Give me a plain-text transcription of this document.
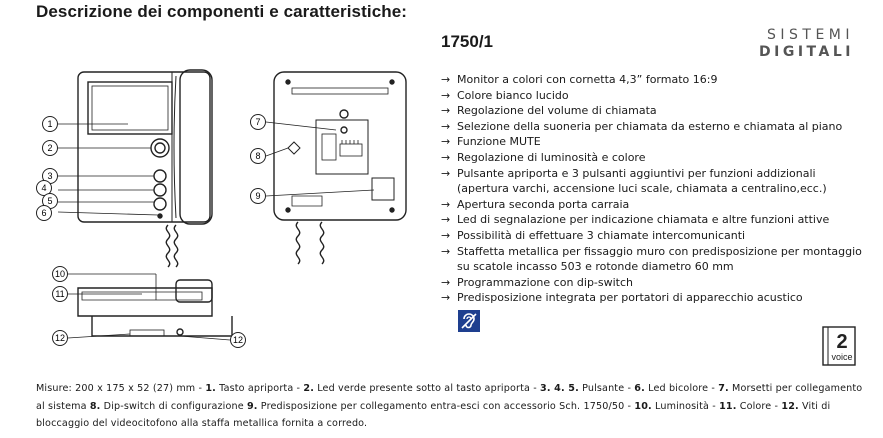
Descrizione dei componenti e caratteristiche:
1750/1	SISTEMI
DIGITALI
1
2
3
4
5
6
7
8
9
10
11
12	12
→ Monitor a colori con cornetta 4,3” formato 16:9
→ Colore bianco lucido
→ Regolazione del volume di chiamata
→ Selezione della suoneria per chiamata da esterno e chiamata al piano
→ Funzione MUTE
→ Regolazione di luminosità e colore
→ Pulsante apriporta e 3 pulsanti aggiuntivi per funzioni addizionali
(apertura varchi, accensione luci scale, chiamata a centralino,ecc.)
→ Apertura seconda porta carraia
→ Led di segnalazione per indicazione chiamata e altre funzioni attive
→ Possibilità di effettuare 3 chiamate intercomunicanti
→ Staffetta metallica per fissaggio muro con predisposizione per montaggio
su scatole incasso 503 e rotonde diametro 60 mm
→ Programmazione con dip-switch
→ Predisposizione integrata per portatori di apparecchio acustico
2
voice
Misure: 200 x 175 x 52 (27) mm - 1. Tasto apriporta - 2. Led verde presente sotto al tasto apriporta - 3. 4. 5. Pulsante - 6. Led bicolore - 7. Morsetti per collegamento al sistema 8. Dip-switch di configurazione 9. Predisposizione per collegamento entra-esci con accessorio Sch. 1750/50 - 10. Luminosità - 11. Colore - 12. Viti di bloccaggio del videocitofono alla staffa metallica fornita a corredo.
